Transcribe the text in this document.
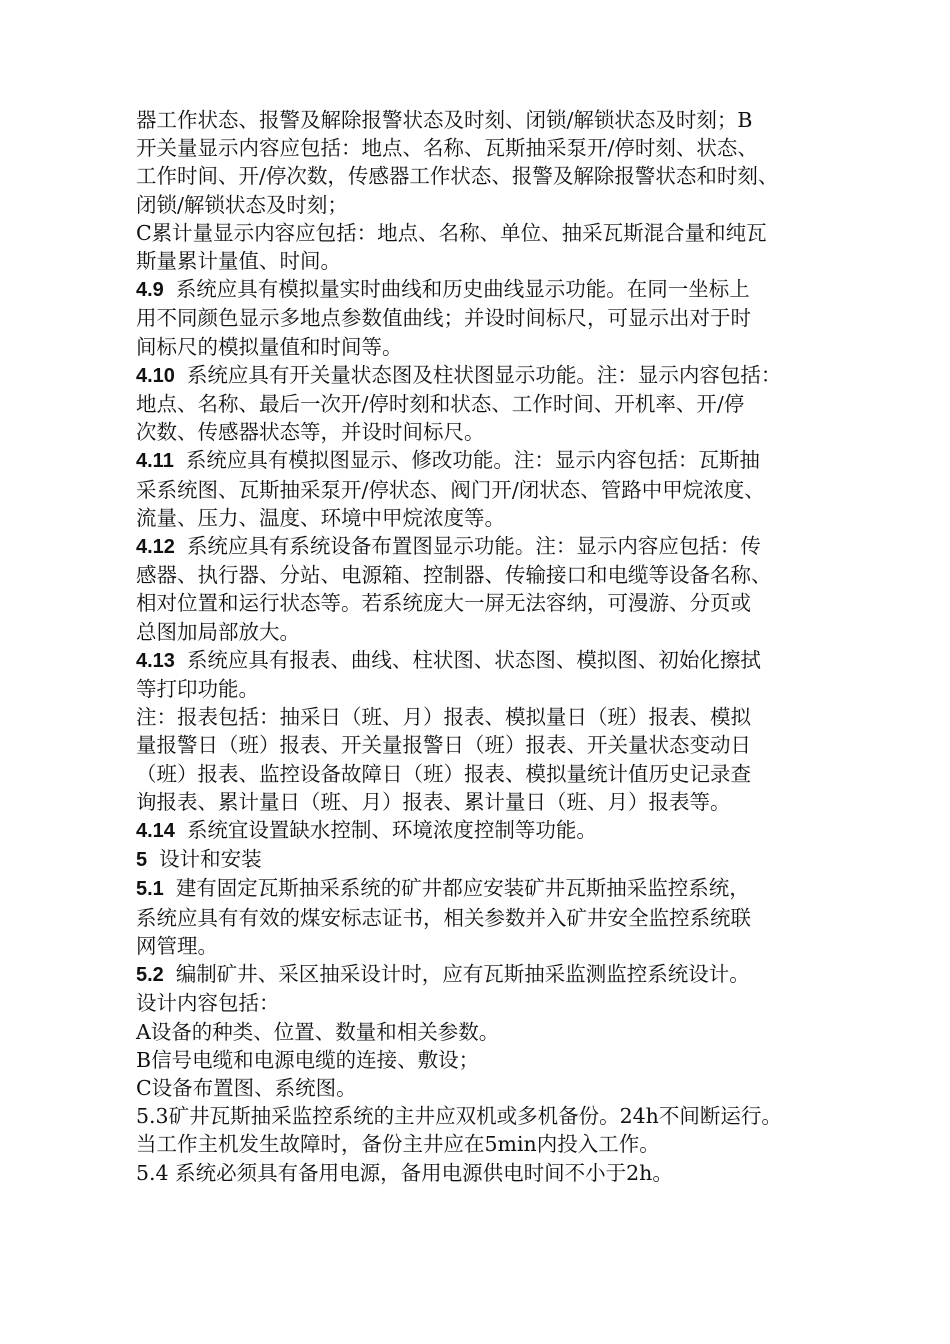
器工作状态、报警及解除报警状态及时刻、闭锁/解锁状态及时刻；B
开关量显示内容应包括：地点、名称、瓦斯抽采泵开/停时刻、状态、
工作时间、开/停次数，传感器工作状态、报警及解除报警状态和时刻、
闭锁/解锁状态及时刻；
C累计量显示内容应包括：地点、名称、单位、抽采瓦斯混合量和纯瓦
斯量累计量值、时间。
4.9 系统应具有模拟量实时曲线和历史曲线显示功能。在同一坐标上
用不同颜色显示多地点参数值曲线；并设时间标尺，可显示出对于时
间标尺的模拟量值和时间等。
4.10 系统应具有开关量状态图及柱状图显示功能。注：显示内容包括：
地点、名称、最后一次开/停时刻和状态、工作时间、开机率、开/停
次数、传感器状态等，并设时间标尺。
4.11 系统应具有模拟图显示、修改功能。注：显示内容包括：瓦斯抽
采系统图、瓦斯抽采泵开/停状态、阀门开/闭状态、管路中甲烷浓度、
流量、压力、温度、环境中甲烷浓度等。
4.12 系统应具有系统设备布置图显示功能。注：显示内容应包括：传
感器、执行器、分站、电源箱、控制器、传输接口和电缆等设备名称、
相对位置和运行状态等。若系统庞大一屏无法容纳，可漫游、分页或
总图加局部放大。
4.13 系统应具有报表、曲线、柱状图、状态图、模拟图、初始化擦拭
等打印功能。
注：报表包括：抽采日（班、月）报表、模拟量日（班）报表、模拟
量报警日（班）报表、开关量报警日（班）报表、开关量状态变动日
（班）报表、监控设备故障日（班）报表、模拟量统计值历史记录查
询报表、累计量日（班、月）报表、累计量日（班、月）报表等。
4.14 系统宜设置缺水控制、环境浓度控制等功能。
5 设计和安装
5.1 建有固定瓦斯抽采系统的矿井都应安装矿井瓦斯抽采监控系统，
系统应具有有效的煤安标志证书，相关参数并入矿井安全监控系统联
网管理。
5.2 编制矿井、采区抽采设计时，应有瓦斯抽采监测监控系统设计。
设计内容包括：
A设备的种类、位置、数量和相关参数。
B信号电缆和电源电缆的连接、敷设；
C设备布置图、系统图。
5.3矿井瓦斯抽采监控系统的主井应双机或多机备份。24h不间断运行。
当工作主机发生故障时，备份主井应在5min内投入工作。
5.4 系统必须具有备用电源，备用电源供电时间不小于2h。
